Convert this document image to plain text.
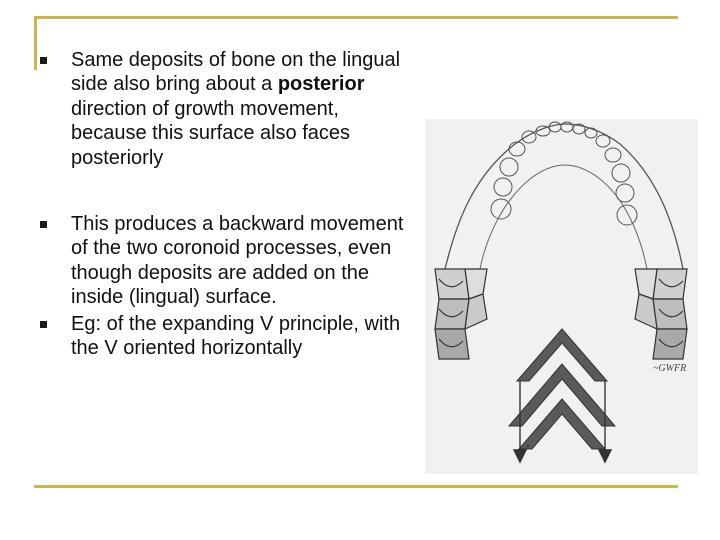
Same deposits of bone on the lingual side also bring about a posterior direction of growth movement, because this surface also faces posteriorly
This produces a backward movement of the two coronoid processes, even though deposits are added on the inside (lingual) surface.
Eg: of the expanding V principle, with the V oriented horizontally
~GWFR
